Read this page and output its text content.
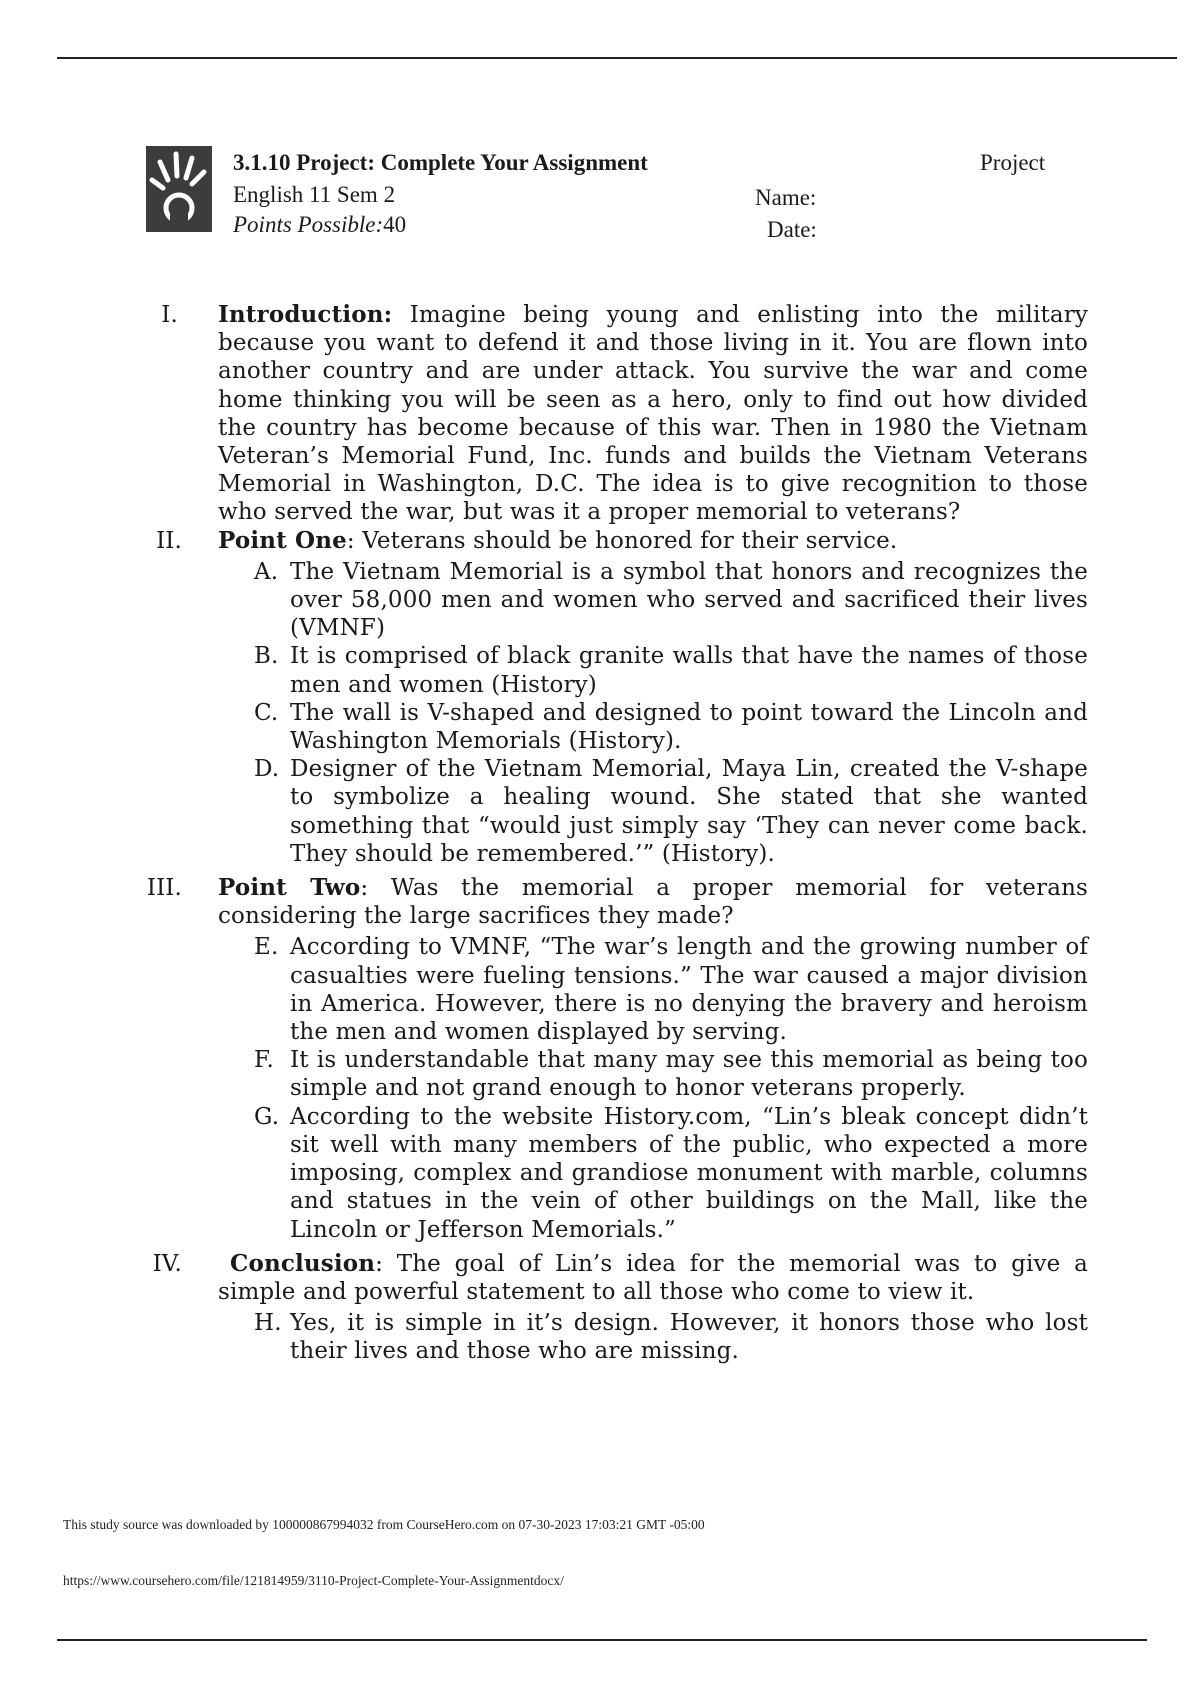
3.1.10 Project: Complete Your Assignment
English 11 Sem 2
Points Possible:40
Project
Name:
Date:
I. Introduction: Imagine being young and enlisting into the military because you want to defend it and those living in it. You are flown into another country and are under attack. You survive the war and come home thinking you will be seen as a hero, only to find out how divided the country has become because of this war. Then in 1980 the Vietnam Veteran’s Memorial Fund, Inc. funds and builds the Vietnam Veterans Memorial in Washington, D.C. The idea is to give recognition to those who served the war, but was it a proper memorial to veterans?
II. Point One: Veterans should be honored for their service.
A. The Vietnam Memorial is a symbol that honors and recognizes the over 58,000 men and women who served and sacrificed their lives (VMNF)
B. It is comprised of black granite walls that have the names of those men and women (History)
C. The wall is V-shaped and designed to point toward the Lincoln and Washington Memorials (History).
D. Designer of the Vietnam Memorial, Maya Lin, created the V-shape to symbolize a healing wound. She stated that she wanted something that “would just simply say ‘They can never come back. They should be remembered.’” (History).
III. Point Two: Was the memorial a proper memorial for veterans considering the large sacrifices they made?
E. According to VMNF, “The war’s length and the growing number of casualties were fueling tensions.” The war caused a major division in America. However, there is no denying the bravery and heroism the men and women displayed by serving.
F. It is understandable that many may see this memorial as being too simple and not grand enough to honor veterans properly.
G. According to the website History.com, “Lin’s bleak concept didn’t sit well with many members of the public, who expected a more imposing, complex and grandiose monument with marble, columns and statues in the vein of other buildings on the Mall, like the Lincoln or Jefferson Memorials.”
IV.	Conclusion: The goal of Lin’s idea for the memorial was to give a simple and powerful statement to all those who come to view it.
H. Yes, it is simple in it’s design. However, it honors those who lost their lives and those who are missing.
This study source was downloaded by 100000867994032 from CourseHero.com on 07-30-2023 17:03:21 GMT -05:00
https://www.coursehero.com/file/121814959/3110-Project-Complete-Your-Assignmentdocx/
